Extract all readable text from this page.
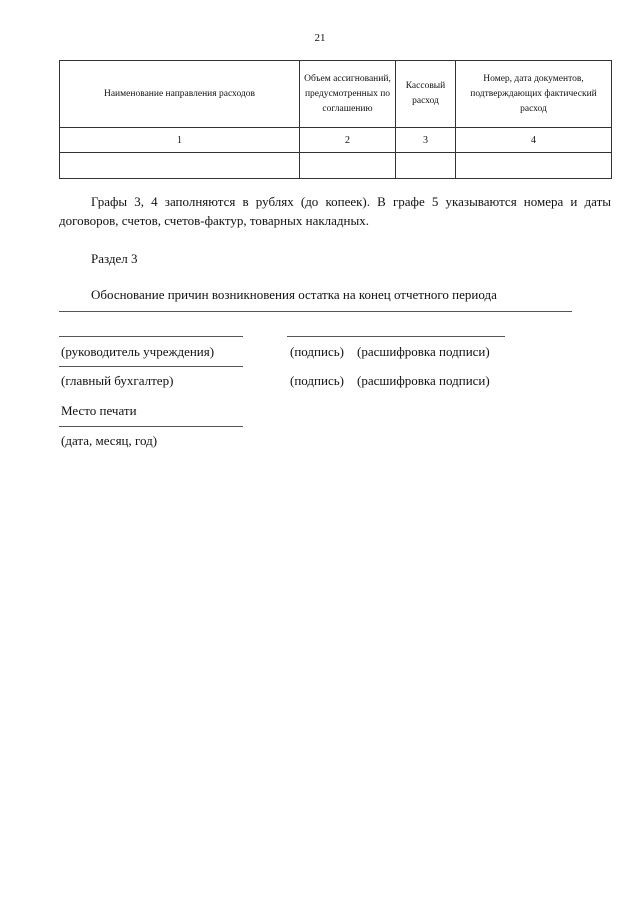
21
Наименование направления расходов	Объем ассигнований, предусмотренных по соглашению	Кассовый расход	Номер, дата документов, подтверждающих фактический расход
1	2	3	4

Графы 3, 4 заполняются в рублях (до копеек). В графе 5 указываются номера и даты договоров, счетов, счетов-фактур, товарных накладных.

Раздел 3
Обоснование причин возникновения остатка на конец отчетного периода
(руководитель учреждения)	(подпись) (расшифровка подписи)
(главный бухгалтер)	(подпись) (расшифровка подписи)
Место печати
(дата, месяц, год)
